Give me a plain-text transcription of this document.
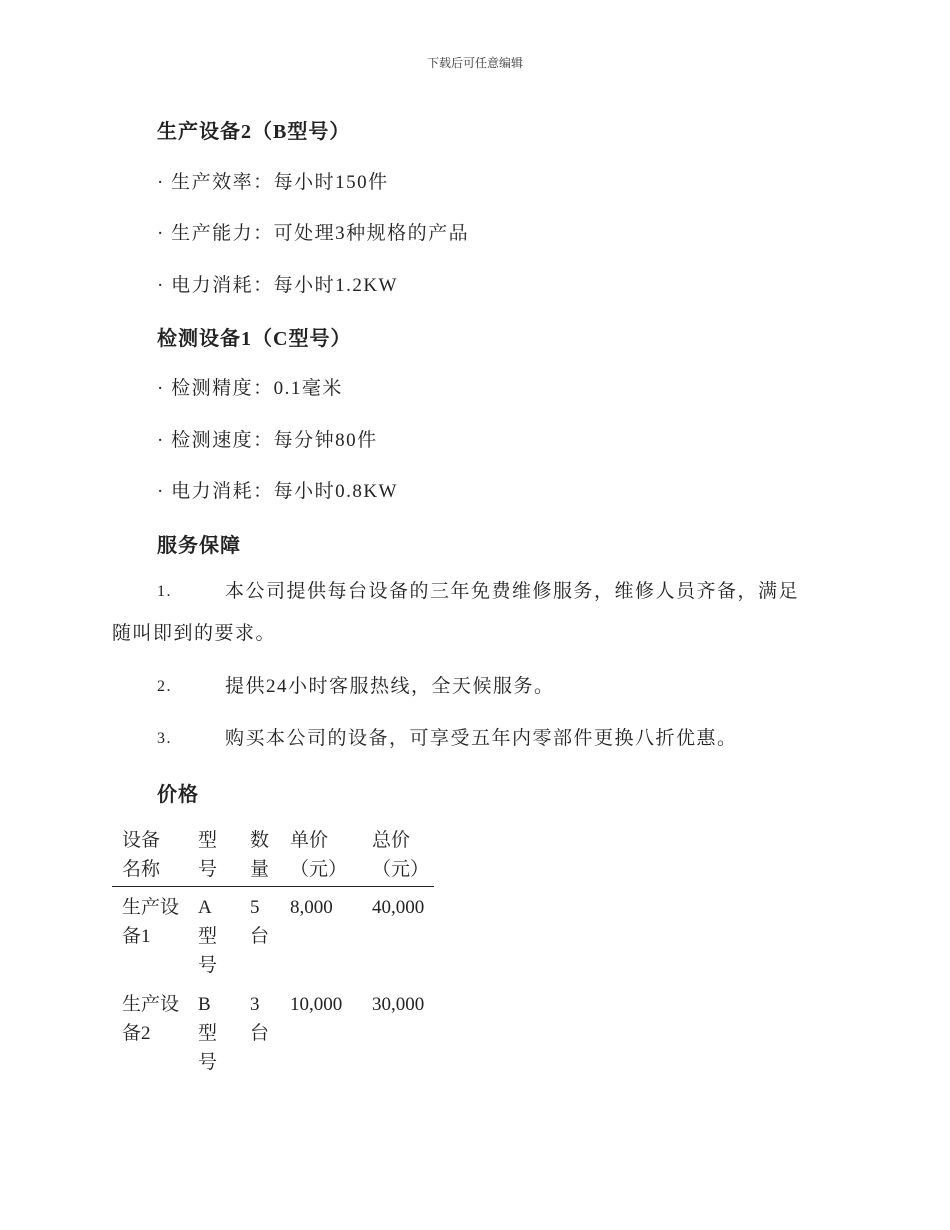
下载后可任意编辑
生产设备2（B型号）
· 生产效率：每小时150件
· 生产能力：可处理3种规格的产品
· 电力消耗：每小时1.2KW
检测设备1（C型号）
· 检测精度：0.1毫米
· 检测速度：每分钟80件
· 电力消耗：每小时0.8KW
服务保障
1.	本公司提供每台设备的三年免费维修服务，维修人员齐备，满足
随叫即到的要求。
2.	提供24小时客服热线，全天候服务。
3.	购买本公司的设备，可享受五年内零部件更换八折优惠。
价格
设备名称	型号	数量	单价（元）	总价（元）

生产设备1	A型号	5台	8,000	40,000

生产设备2	B型号	3台	10,000	30,000
